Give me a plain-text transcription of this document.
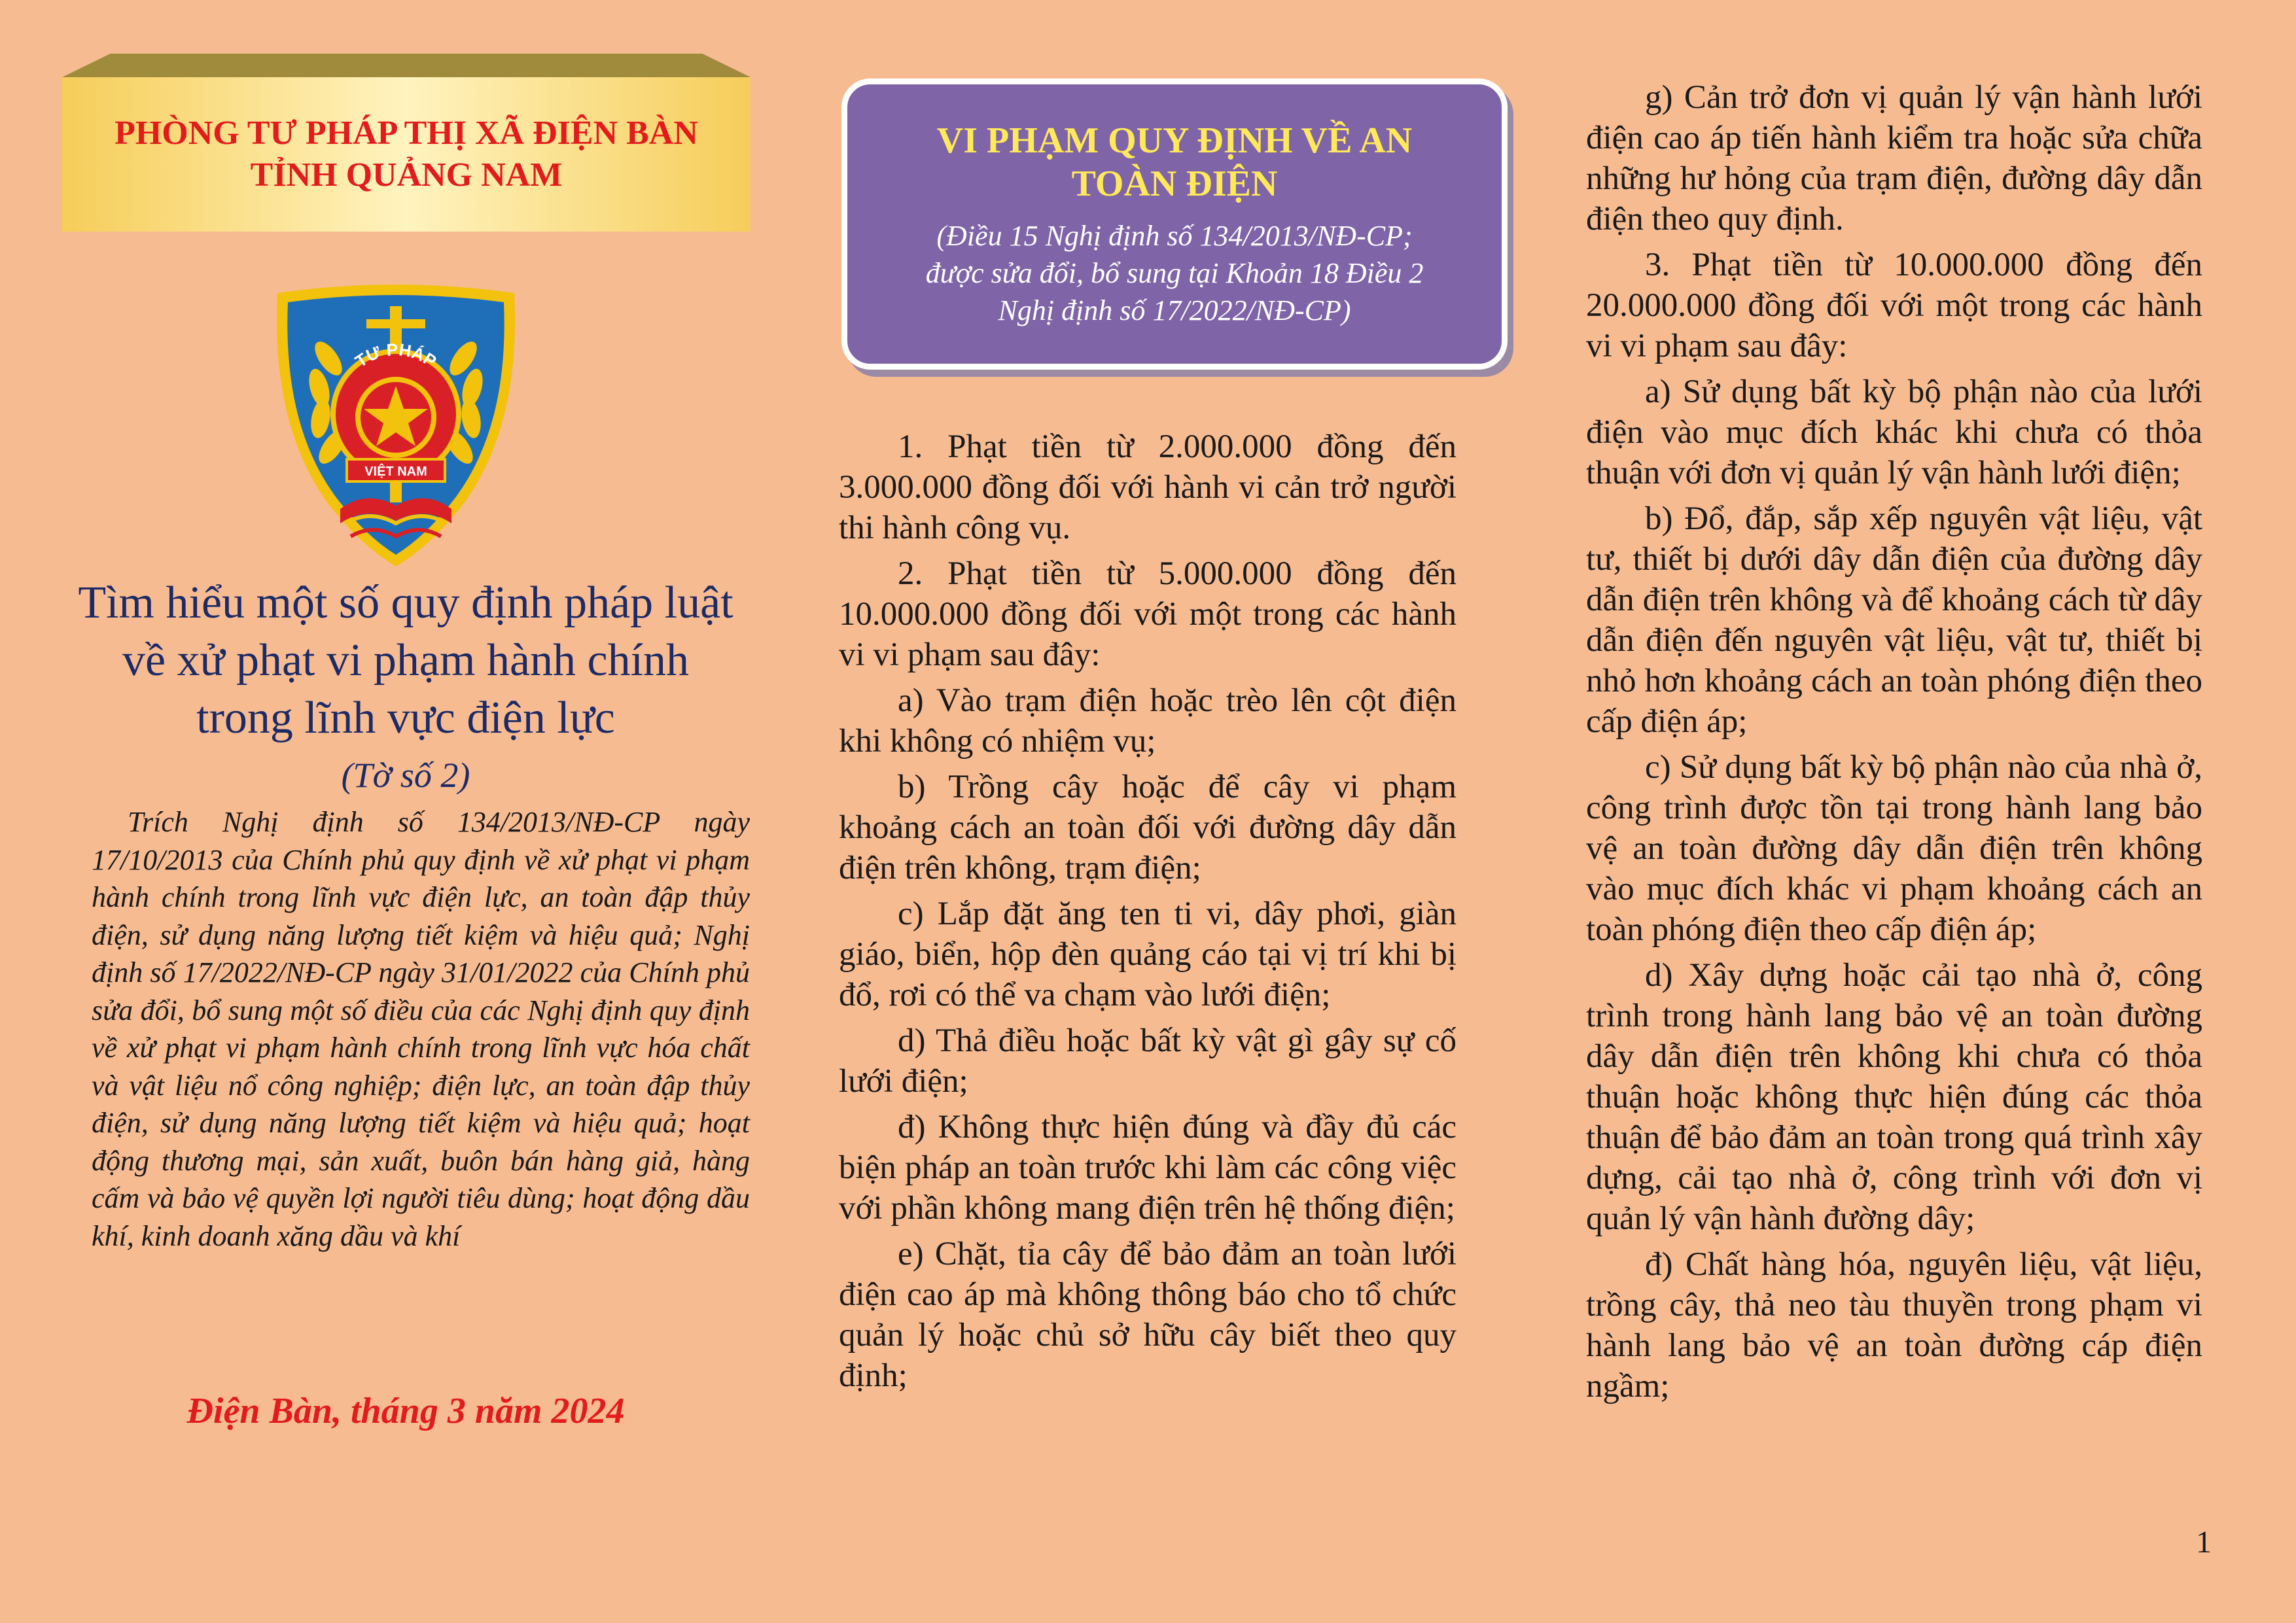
PHÒNG TƯ PHÁP THỊ XÃ ĐIỆN BÀN
TỈNH QUẢNG NAM
TƯ PHÁP
VIỆT NAM
Tìm hiểu một số quy định pháp luật
về xử phạt vi phạm hành chính
trong lĩnh vực điện lực
(Tờ số 2)
Trích Nghị định số 134/2013/NĐ-CP ngày 17/10/2013 của Chính phủ quy định về xử phạt vi phạm hành chính trong lĩnh vực điện lực, an toàn đập thủy điện, sử dụng năng lượng tiết kiệm và hiệu quả; Nghị định số 17/2022/NĐ-CP ngày 31/01/2022 của Chính phủ sửa đổi, bổ sung một số điều của các Nghị định quy định về xử phạt vi phạm hành chính trong lĩnh vực hóa chất và vật liệu nổ công nghiệp; điện lực, an toàn đập thủy điện, sử dụng năng lượng tiết kiệm và hiệu quả; hoạt động thương mại, sản xuất, buôn bán hàng giả, hàng cấm và bảo vệ quyền lợi người tiêu dùng; hoạt động dầu khí, kinh doanh xăng dầu và khí
Điện Bàn, tháng 3 năm 2024
VI PHẠM QUY ĐỊNH VỀ AN
TOÀN ĐIỆN
(Điều 15 Nghị định số 134/2013/NĐ-CP;
được sửa đổi, bổ sung tại Khoản 18 Điều 2
Nghị định số 17/2022/NĐ-CP)

1. Phạt tiền từ 2.000.000 đồng đến 3.000.000 đồng đối với hành vi cản trở người thi hành công vụ.

2. Phạt tiền từ 5.000.000 đồng đến 10.000.000 đồng đối với một trong các hành vi vi phạm sau đây:

a) Vào trạm điện hoặc trèo lên cột điện khi không có nhiệm vụ;

b) Trồng cây hoặc để cây vi phạm khoảng cách an toàn đối với đường dây dẫn điện trên không, trạm điện;

c) Lắp đặt ăng ten ti vi, dây phơi, giàn giáo, biển, hộp đèn quảng cáo tại vị trí khi bị đổ, rơi có thể va chạm vào lưới điện;

d) Thả điều hoặc bất kỳ vật gì gây sự cố lưới điện;

đ) Không thực hiện đúng và đầy đủ các biện pháp an toàn trước khi làm các công việc với phần không mang điện trên hệ thống điện;

e) Chặt, tỉa cây để bảo đảm an toàn lưới điện cao áp mà không thông báo cho tổ chức quản lý hoặc chủ sở hữu cây biết theo quy định;

g) Cản trở đơn vị quản lý vận hành lưới điện cao áp tiến hành kiểm tra hoặc sửa chữa những hư hỏng của trạm điện, đường dây dẫn điện theo quy định.

3. Phạt tiền từ 10.000.000 đồng đến 20.000.000 đồng đối với một trong các hành vi vi phạm sau đây:

a) Sử dụng bất kỳ bộ phận nào của lưới điện vào mục đích khác khi chưa có thỏa thuận với đơn vị quản lý vận hành lưới điện;

b) Đổ, đắp, sắp xếp nguyên vật liệu, vật tư, thiết bị dưới dây dẫn điện của đường dây dẫn điện trên không và để khoảng cách từ dây dẫn điện đến nguyên vật liệu, vật tư, thiết bị nhỏ hơn khoảng cách an toàn phóng điện theo cấp điện áp;

c) Sử dụng bất kỳ bộ phận nào của nhà ở, công trình được tồn tại trong hành lang bảo vệ an toàn đường dây dẫn điện trên không vào mục đích khác vi phạm khoảng cách an toàn phóng điện theo cấp điện áp;

d) Xây dựng hoặc cải tạo nhà ở, công trình trong hành lang bảo vệ an toàn đường dây dẫn điện trên không khi chưa có thỏa thuận hoặc không thực hiện đúng các thỏa thuận để bảo đảm an toàn trong quá trình xây dựng, cải tạo nhà ở, công trình với đơn vị quản lý vận hành đường dây;

đ) Chất hàng hóa, nguyên liệu, vật liệu, trồng cây, thả neo tàu thuyền trong phạm vi hành lang bảo vệ an toàn đường cáp điện ngầm;

1
